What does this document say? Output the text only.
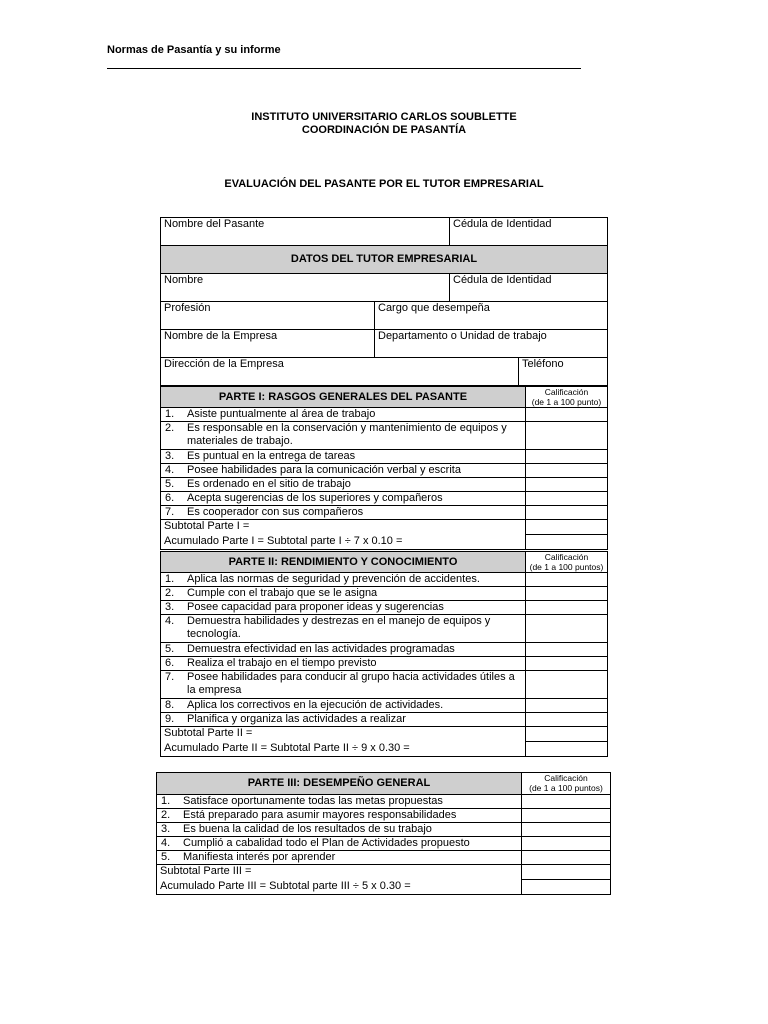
Normas de Pasantía y su informe
INSTITUTO UNIVERSITARIO CARLOS SOUBLETTE
COORDINACIÓN DE PASANTÍA
EVALUACIÓN DEL PASANTE POR EL TUTOR EMPRESARIAL
Nombre del Pasante		Cédula de Identidad	
DATOS DEL TUTOR EMPRESARIAL			
Nombre		Cédula de Identidad	
Profesión	Cargo que desempeña		
Nombre de la Empresa	Departamento o Unidad de trabajo		
Dirección de la Empresa			Teléfono
PARTE I: RASGOS GENERALES DEL PASANTE	Calificación
(de 1 a 100 punto)

1. Asiste puntualmente al área de trabajo	
2. Es responsable en la conservación y mantenimiento de equipos y materiales de trabajo.	
3. Es puntual en la entrega de tareas	
4. Posee habilidades para la comunicación verbal y escrita	
5. Es ordenado en el sitio de trabajo	
6. Acepta sugerencias de los superiores y compañeros	
7. Es cooperador con sus compañeros	
Subtotal Parte I =	
Acumulado Parte I = Subtotal parte I ÷ 7 x 0.10 =	
PARTE II: RENDIMIENTO Y CONOCIMIENTO	Calificación
(de 1 a 100 puntos)

1. Aplica las normas de seguridad y prevención de accidentes.	
2. Cumple con el trabajo que se le asigna	
3. Posee capacidad para proponer ideas y sugerencias	
4. Demuestra habilidades y destrezas en el manejo de equipos y tecnología.	
5. Demuestra efectividad en las actividades programadas	
6. Realiza el trabajo en el tiempo previsto	
7. Posee habilidades para conducir al grupo hacia actividades útiles a la empresa	
8. Aplica los correctivos en la ejecución de actividades.	
9. Planifica y organiza las actividades a realizar	
Subtotal Parte II =	
Acumulado Parte II = Subtotal Parte II ÷ 9 x 0.30 =	
PARTE III: DESEMPEÑO GENERAL	Calificación
(de 1 a 100 puntos)

1. Satisface oportunamente todas las metas propuestas	
2. Está preparado para asumir mayores responsabilidades	
3. Es buena la calidad de los resultados de su trabajo	
4. Cumplió a cabalidad todo el Plan de Actividades propuesto	
5. Manifiesta interés por aprender	
Subtotal Parte III =	
Acumulado Parte III = Subtotal parte III ÷ 5 x 0.30 =	
